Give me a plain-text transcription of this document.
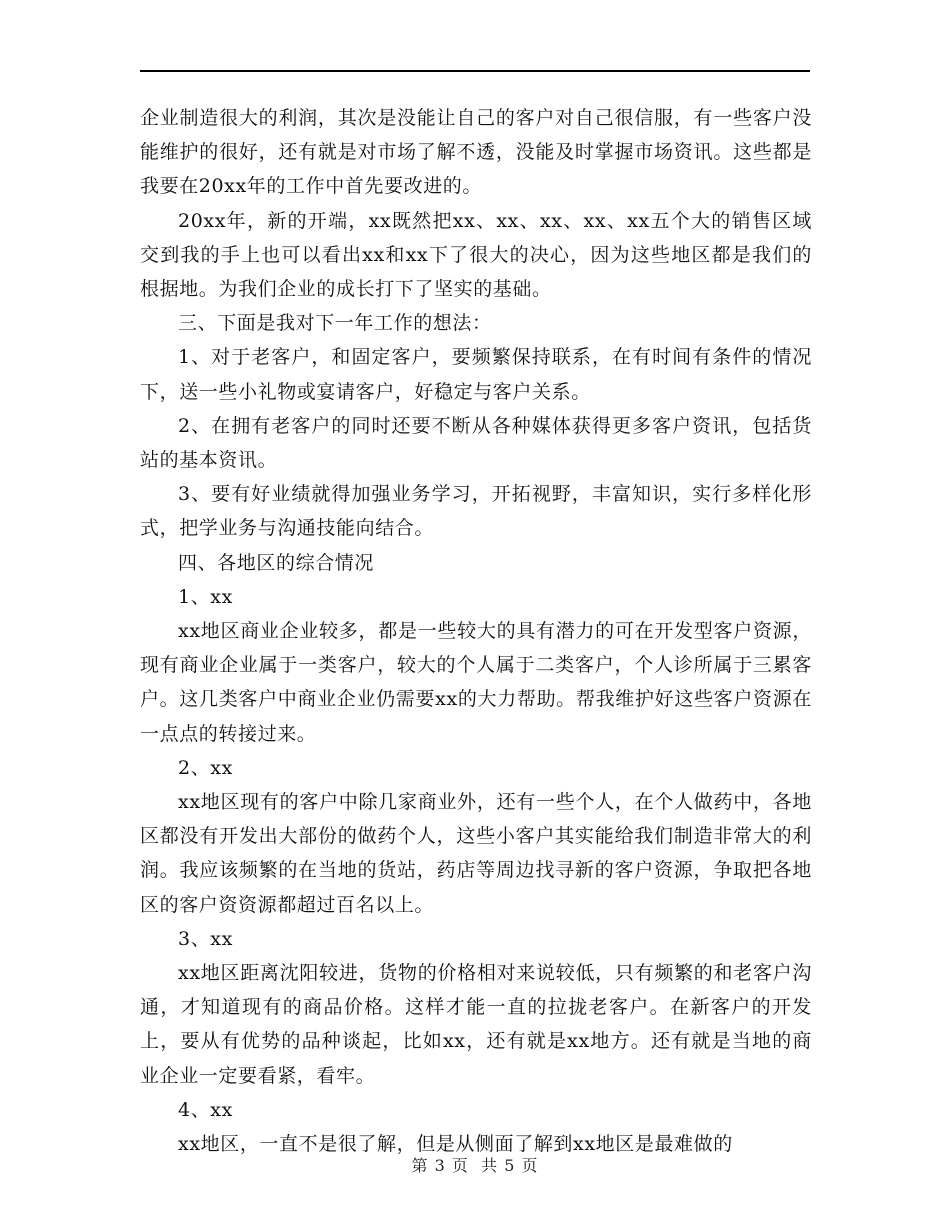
企业制造很大的利润，其次是没能让自己的客户对自己很信服，有一些客户没能维护的很好，还有就是对市场了解不透，没能及时掌握市场资讯。这些都是我要在20xx年的工作中首先要改进的。

20xx年，新的开端，xx既然把xx、xx、xx、xx、xx五个大的销售区域交到我的手上也可以看出xx和xx下了很大的决心，因为这些地区都是我们的根据地。为我们企业的成长打下了坚实的基础。

三、下面是我对下一年工作的想法：

1、对于老客户，和固定客户，要频繁保持联系，在有时间有条件的情况下，送一些小礼物或宴请客户，好稳定与客户关系。

2、在拥有老客户的同时还要不断从各种媒体获得更多客户资讯，包括货站的基本资讯。

3、要有好业绩就得加强业务学习，开拓视野，丰富知识，实行多样化形式，把学业务与沟通技能向结合。

四、各地区的综合情况

1、xx

xx地区商业企业较多，都是一些较大的具有潜力的可在开发型客户资源，现有商业企业属于一类客户，较大的个人属于二类客户，个人诊所属于三累客户。这几类客户中商业企业仍需要xx的大力帮助。帮我维护好这些客户资源在一点点的转接过来。

2、xx

xx地区现有的客户中除几家商业外，还有一些个人，在个人做药中，各地区都没有开发出大部份的做药个人，这些小客户其实能给我们制造非常大的利润。我应该频繁的在当地的货站，药店等周边找寻新的客户资源，争取把各地区的客户资资源都超过百名以上。

3、xx

xx地区距离沈阳较进，货物的价格相对来说较低，只有频繁的和老客户沟通，才知道现有的商品价格。这样才能一直的拉拢老客户。在新客户的开发上，要从有优势的品种谈起，比如xx，还有就是xx地方。还有就是当地的商业企业一定要看紧，看牢。

4、xx

xx地区，一直不是很了解，但是从侧面了解到xx地区是最难做的

第 3 页  共 5 页
